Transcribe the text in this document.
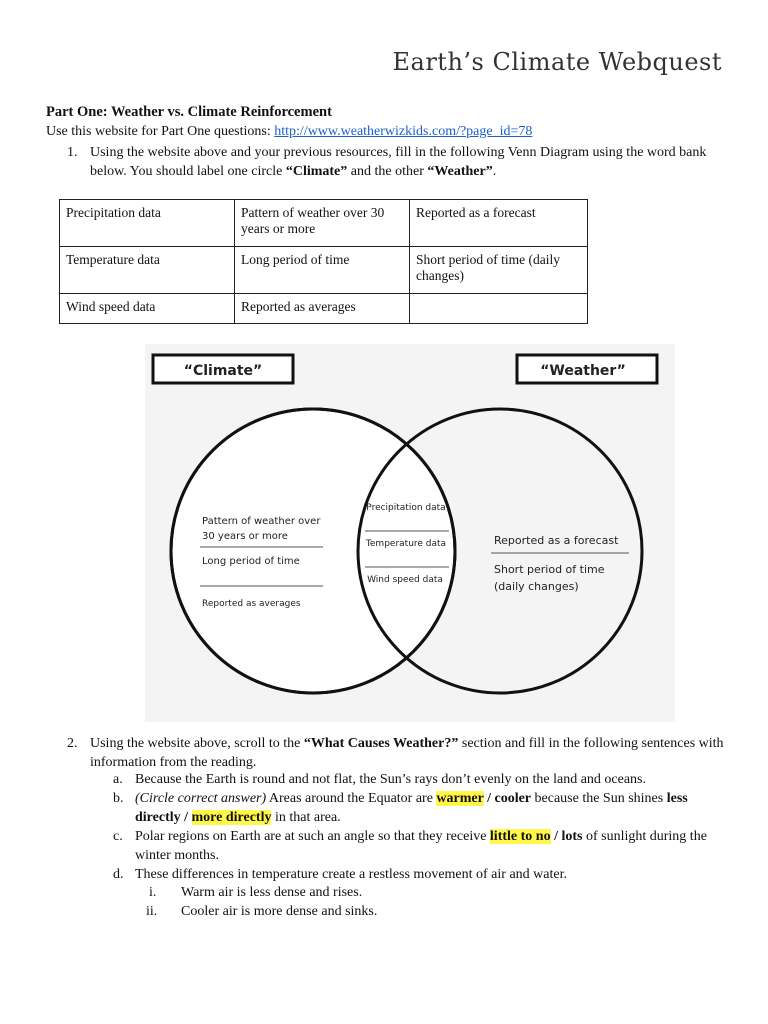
Earth’s Climate Webquest
Part One: Weather vs. Climate Reinforcement
Use this website for Part One questions: http://www.weatherwizkids.com/?page_id=78
1. Using the website above and your previous resources, fill in the following Venn Diagram using the word bank
below. You should label one circle “Climate” and the other “Weather”.
Precipitation data	Pattern of weather over 30 years or more	Reported as a forecast
Temperature data	Long period of time	Short period of time (daily changes)
Wind speed data	Reported as averages	
“Climate”	“Weather”
Pattern of weather over
30 years or more
Long period of time
Reported as averages
Precipitation data
Temperature data
Wind speed data
Reported as a forecast
Short period of time
(daily changes)
2. Using the website above, scroll to the “What Causes Weather?” section and fill in the following sentences with
information from the reading.
a. Because the Earth is round and not flat, the Sun’s rays don’t evenly on the land and oceans.
b. (Circle correct answer) Areas around the Equator are warmer / cooler because the Sun shines less
directly / more directly in that area.
c. Polar regions on Earth are at such an angle so that they receive little to no / lots of sunlight during the
winter months.
d. These differences in temperature create a restless movement of air and water.
i. Warm air is less dense and rises.
ii. Cooler air is more dense and sinks.
